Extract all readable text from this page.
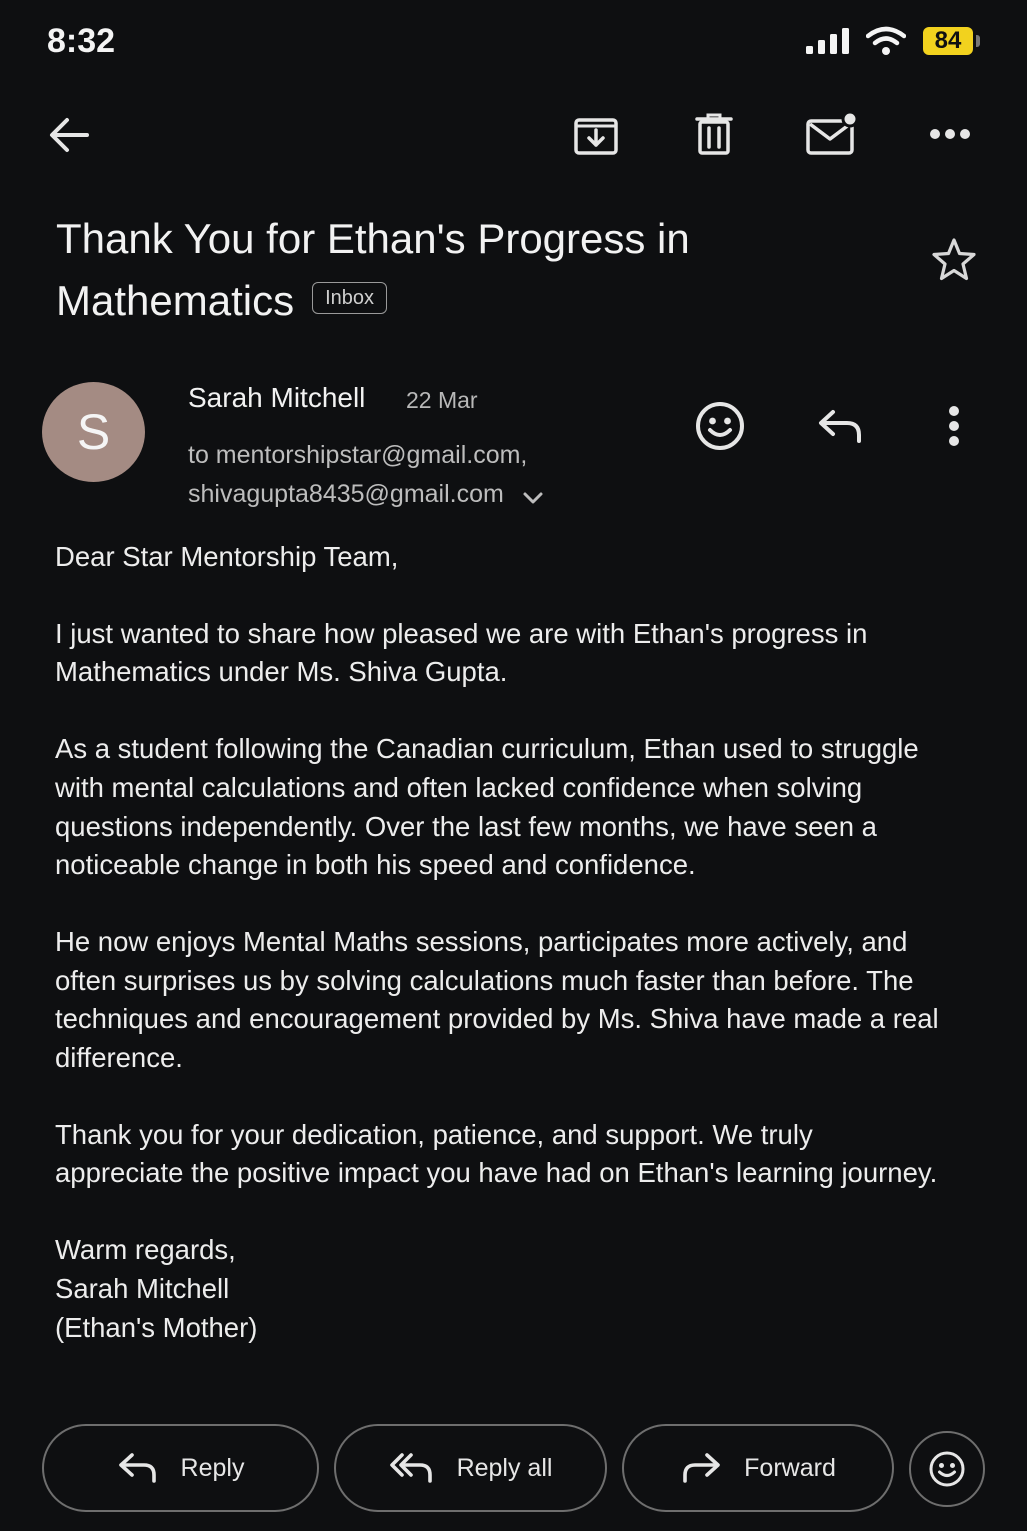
8:32	84
Thank You for Ethan's Progress in Mathematics Inbox
S
Sarah Mitchell 22 Mar
to mentorshipstar@gmail.com,
shivagupta8435@gmail.com

Dear Star Mentorship Team,

I just wanted to share how pleased we are with Ethan's progress in Mathematics under Ms. Shiva Gupta.

As a student following the Canadian curriculum, Ethan used to struggle with mental calculations and often lacked confidence when solving questions independently. Over the last few months, we have seen a noticeable change in both his speed and confidence.

He now enjoys Mental Maths sessions, participates more actively, and often surprises us by solving calculations much faster than before. The techniques and encouragement provided by Ms. Shiva have made a real difference.

Thank you for your dedication, patience, and support. We truly appreciate the positive impact you have had on Ethan's learning journey.

Warm regards,
Sarah Mitchell
(Ethan's Mother)
Reply	Reply all	Forward
